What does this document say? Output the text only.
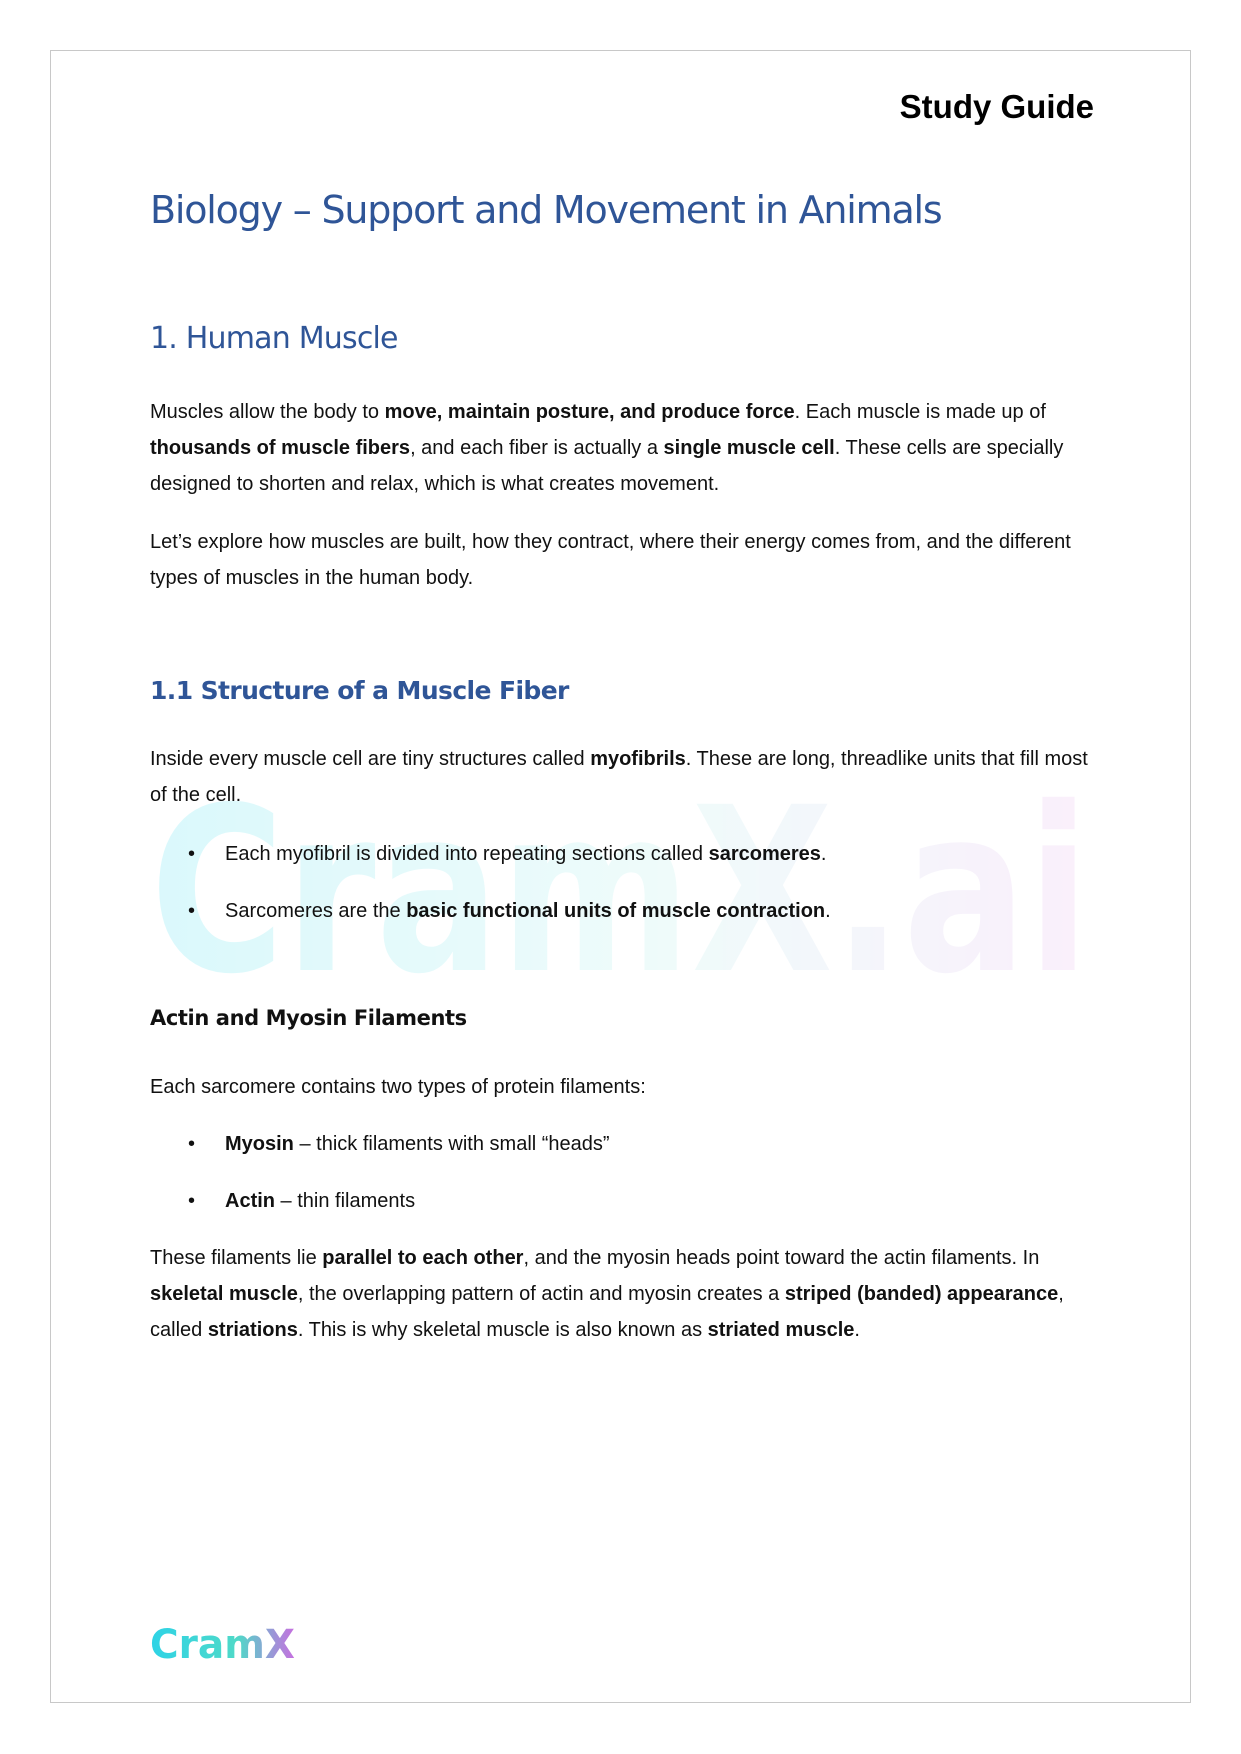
CramX.ai
Study Guide
Biology – Support and Movement in Animals
1. Human Muscle

Muscles allow the body to move, maintain posture, and produce force. Each muscle is made up of thousands of muscle fibers, and each fiber is actually a single muscle cell. These cells are specially designed to shorten and relax, which is what creates movement.

Let’s explore how muscles are built, how they contract, where their energy comes from, and the different types of muscles in the human body.

1.1 Structure of a Muscle Fiber

Inside every muscle cell are tiny structures called myofibrils. These are long, threadlike units that fill most of the cell.

• Each myofibril is divided into repeating sections called sarcomeres.
• Sarcomeres are the basic functional units of muscle contraction.
Actin and Myosin Filaments

Each sarcomere contains two types of protein filaments:

• Myosin – thick filaments with small “heads”
• Actin – thin filaments

These filaments lie parallel to each other, and the myosin heads point toward the actin filaments. In skeletal muscle, the overlapping pattern of actin and myosin creates a striped (banded) appearance, called striations. This is why skeletal muscle is also known as striated muscle.

CramX
